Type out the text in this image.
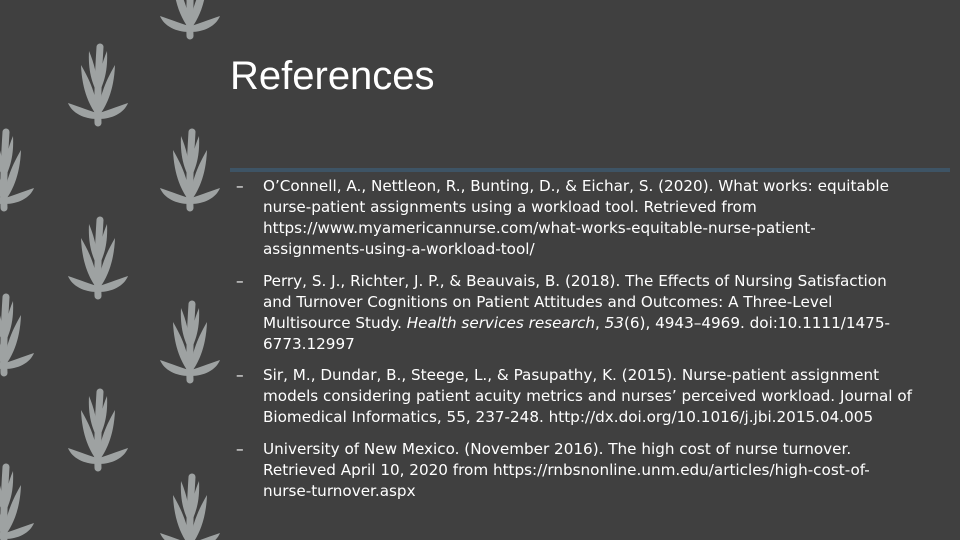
References
– O’Connell, A., Nettleon, R., Bunting, D., & Eichar, S. (2020). What works: equitable nurse-patient assignments using a workload tool. Retrieved from https://www.myamericannurse.com/what-works-equitable-nurse-patient-assignments-using-a-workload-tool/
– Perry, S. J., Richter, J. P., & Beauvais, B. (2018). The Effects of Nursing Satisfaction and Turnover Cognitions on Patient Attitudes and Outcomes: A Three-Level Multisource Study. Health services research, 53(6), 4943–4969. doi:10.1111/1475-6773.12997
– Sir, M., Dundar, B., Steege, L., & Pasupathy, K. (2015). Nurse-patient assignment models considering patient acuity metrics and nurses’ perceived workload. Journal of Biomedical Informatics, 55, 237-248. http://dx.doi.org/10.1016/j.jbi.2015.04.005
– University of New Mexico. (November 2016). The high cost of nurse turnover. Retrieved April 10, 2020 from https://rnbsnonline.unm.edu/articles/high-cost-of-nurse-turnover.aspx
